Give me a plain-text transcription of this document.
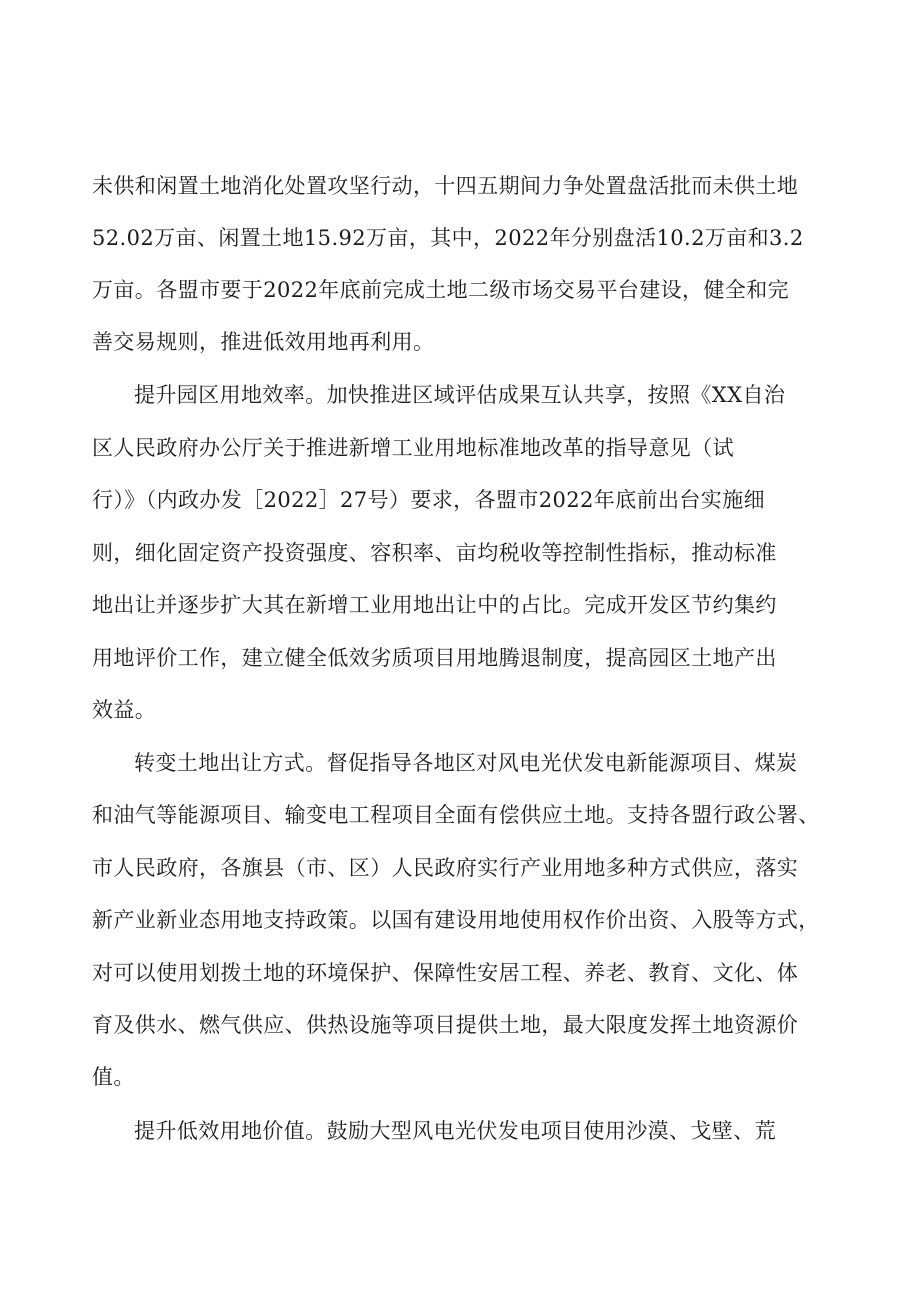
未供和闲置土地消化处置攻坚行动，十四五期间力争处置盘活批而未供土地
52.02万亩、闲置土地15.92万亩，其中，2022年分别盘活10.2万亩和3.2
万亩。各盟市要于2022年底前完成土地二级市场交易平台建设，健全和完
善交易规则，推进低效用地再利用。
提升园区用地效率。加快推进区域评估成果互认共享，按照《XX自治
区人民政府办公厅关于推进新增工业用地标准地改革的指导意见（试
行）》（内政办发［2022］27号）要求，各盟市2022年底前出台实施细
则，细化固定资产投资强度、容积率、亩均税收等控制性指标，推动标准
地出让并逐步扩大其在新增工业用地出让中的占比。完成开发区节约集约
用地评价工作，建立健全低效劣质项目用地腾退制度，提高园区土地产出
效益。
转变土地出让方式。督促指导各地区对风电光伏发电新能源项目、煤炭
和油气等能源项目、输变电工程项目全面有偿供应土地。支持各盟行政公署、
市人民政府，各旗县（市、区）人民政府实行产业用地多种方式供应，落实
新产业新业态用地支持政策。以国有建设用地使用权作价出资、入股等方式，
对可以使用划拨土地的环境保护、保障性安居工程、养老、教育、文化、体
育及供水、燃气供应、供热设施等项目提供土地，最大限度发挥土地资源价
值。
提升低效用地价值。鼓励大型风电光伏发电项目使用沙漠、戈壁、荒
